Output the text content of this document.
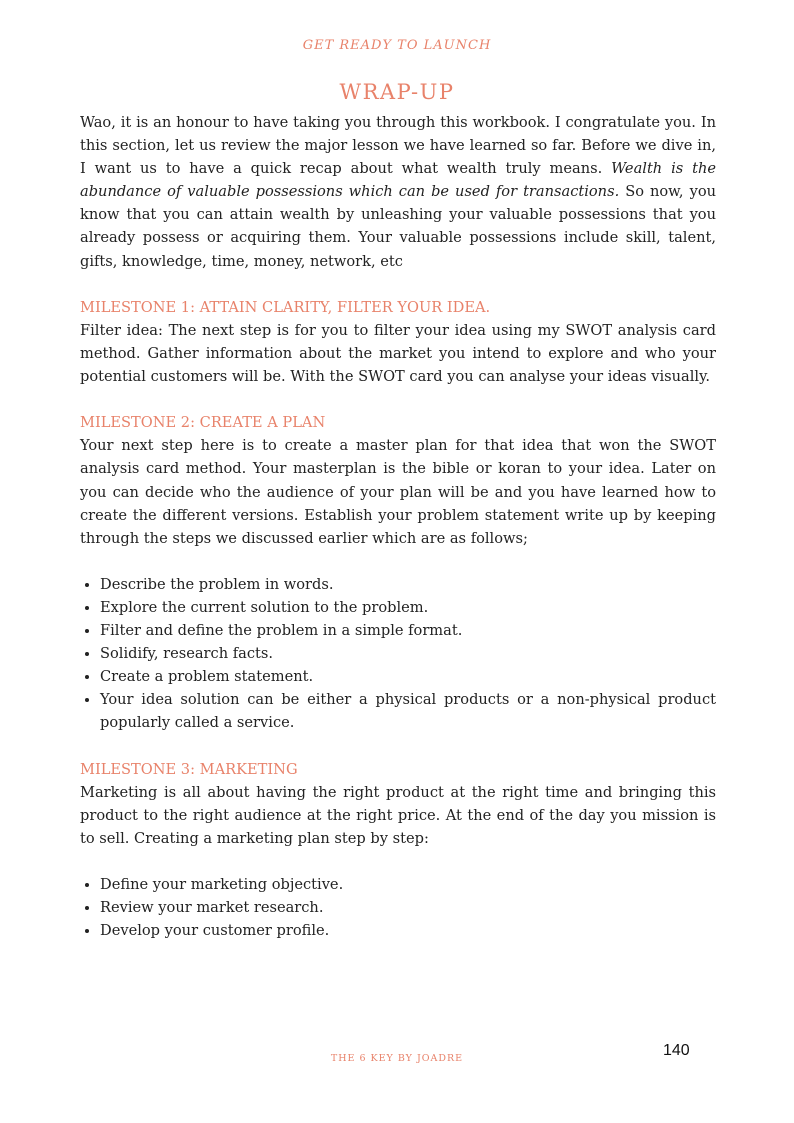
GET READY TO LAUNCH
WRAP-UP

Wao, it is an honour to have taking you through this workbook. I congratulate you. In this section, let us review the major lesson we have learned so far. Before we dive in, I want us to have a quick recap about what wealth truly means. Wealth is the abundance of valuable possessions which can be used for transactions. So now, you know that you can attain wealth by unleashing your valuable possessions that you already possess or acquiring them. Your valuable possessions include skill, talent, gifts, knowledge, time, money, network, etc

MILESTONE 1: ATTAIN CLARITY, FILTER YOUR IDEA.

Filter idea: The next step is for you to filter your idea using my SWOT analysis card method. Gather information about the market you intend to explore and who your potential customers will be. With the SWOT card you can analyse your ideas visually.

MILESTONE 2: CREATE A PLAN

Your next step here is to create a master plan for that idea that won the SWOT analysis card method. Your masterplan is the bible or koran to your idea. Later on you can decide who the audience of your plan will be and you have learned how to create the different versions. Establish your problem statement write up by keeping through the steps we discussed earlier which are as follows;

• Describe the problem in words.
• Explore the current solution to the problem.
• Filter and define the problem in a simple format.
• Solidify, research facts.
• Create a problem statement.
• Your idea solution can be either a physical products or a non-physical product popularly called a service.

MILESTONE 3: MARKETING

Marketing is all about having the right product at the right time and bringing this product to the right audience at the right price. At the end of the day you mission is to sell. Creating a marketing plan step by step:

• Define your marketing objective.
• Review your market research.
• Develop your customer profile.
THE 6 KEY BY JOADRE	140
